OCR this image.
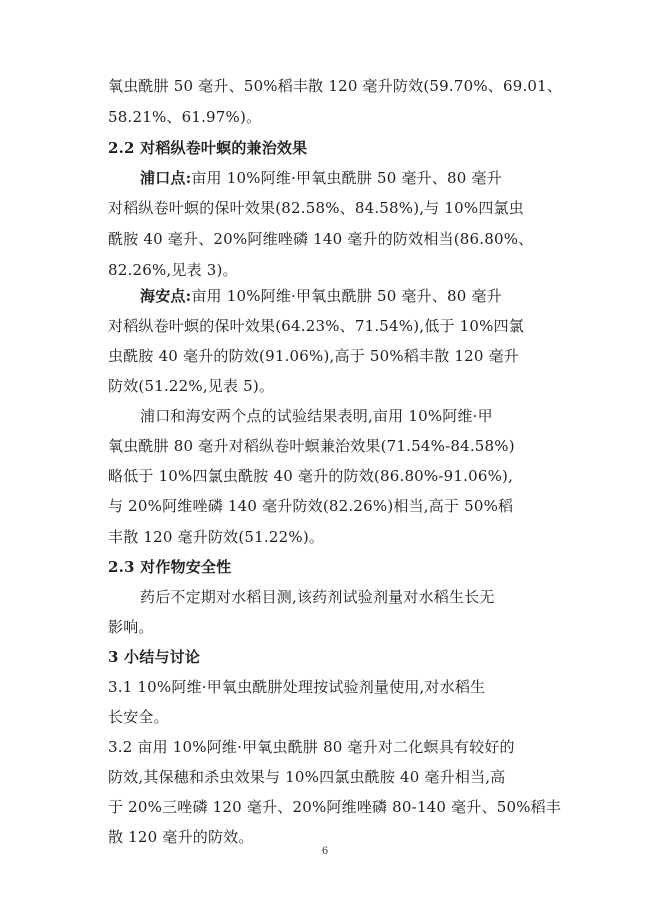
氧虫酰肼 50 毫升、50%稻丰散 120 毫升防效(59.70%、69.01、
58.21%、61.97%)。
2.2 对稻纵卷叶螟的兼治效果
浦口点:亩用 10%阿维·甲氧虫酰肼 50 毫升、80 毫升
对稻纵卷叶螟的保叶效果(82.58%、84.58%),与 10%四氯虫
酰胺 40 毫升、20%阿维唑磷 140 毫升的防效相当(86.80%、
82.26%,见表 3)。
海安点:亩用 10%阿维·甲氧虫酰肼 50 毫升、80 毫升
对稻纵卷叶螟的保叶效果(64.23%、71.54%),低于 10%四氯
虫酰胺 40 毫升的防效(91.06%),高于 50%稻丰散 120 毫升
防效(51.22%,见表 5)。
浦口和海安两个点的试验结果表明,亩用 10%阿维·甲
氧虫酰肼 80 毫升对稻纵卷叶螟兼治效果(71.54%-84.58%)
略低于 10%四氯虫酰胺 40 毫升的防效(86.80%-91.06%),
与 20%阿维唑磷 140 毫升防效(82.26%)相当,高于 50%稻
丰散 120 毫升防效(51.22%)。
2.3 对作物安全性
药后不定期对水稻目测,该药剂试验剂量对水稻生长无
影响。
3 小结与讨论
3.1 10%阿维·甲氧虫酰肼处理按试验剂量使用,对水稻生
长安全。
3.2 亩用 10%阿维·甲氧虫酰肼 80 毫升对二化螟具有较好的
防效,其保穗和杀虫效果与 10%四氯虫酰胺 40 毫升相当,高
于 20%三唑磷 120 毫升、20%阿维唑磷 80-140 毫升、50%稻丰
散 120 毫升的防效。
6
